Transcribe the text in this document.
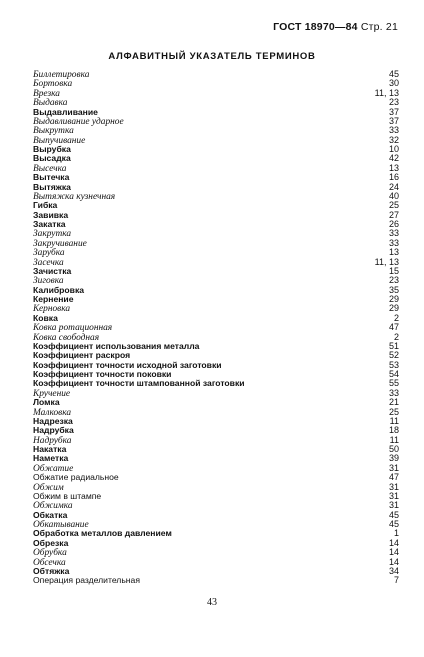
ГОСТ 18970—84 Стр. 21
АЛФАВИТНЫЙ УКАЗАТЕЛЬ ТЕРМИНОВ
Биллетировка	45
Бортовка	30
Врезка	11, 13
Выдавка	23
Выдавливание	37
Выдавливание ударное	37
Выкрутка	33
Выпучивание	32
Вырубка	10
Высадка	42
Высечка	13
Вытечка	16
Вытяжка	24
Вытяжка кузнечная	40
Гибка	25
Завивка	27
Закатка	26
Закрутка	33
Закручивание	33
Зарубка	13
Засечка	11, 13
Зачистка	15
Зиговка	23
Калибровка	35
Кернение	29
Керновка	29
Ковка	2
Ковка ротационная	47
Ковка свободная	2
Коэффициент использования металла	51
Коэффициент раскроя	52
Коэффициент точности исходной заготовки	53
Коэффициент точности поковки	54
Коэффициент точности штампованной заготовки	55
Кручение	33
Ломка	21
Малковка	25
Надрезка	11
Надрубка	18
Надрубка	11
Накатка	50
Наметка	39
Обжатие	31
Обжатие радиальное	47
Обжим	31
Обжим в штампе	31
Обжимка	31
Обкатка	45
Обкатывание	45
Обработка металлов давлением	1
Обрезка	14
Обрубка	14
Обсечка	14
Обтяжка	34
Операция разделительная	7
43
